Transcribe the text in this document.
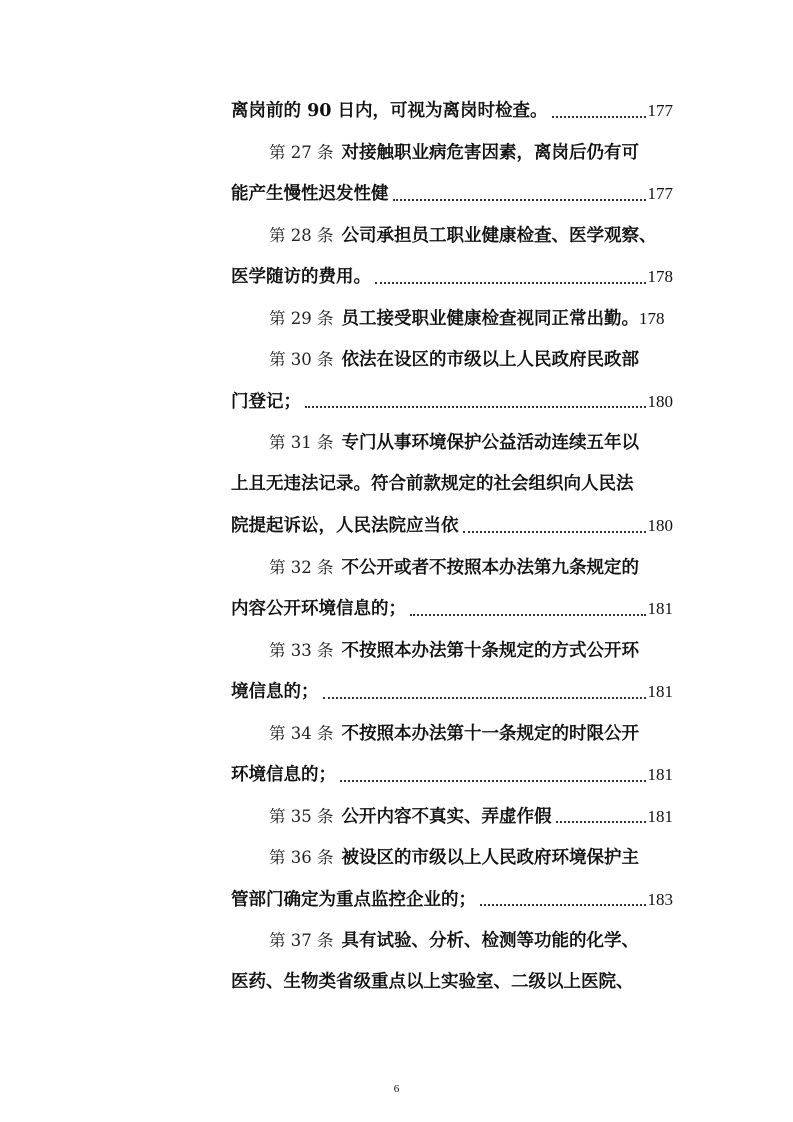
离岗前的 90 日内，可视为离岗时检查。	177
第 27 条 对接触职业病危害因素，离岗后仍有可
能产生慢性迟发性健	177
第 28 条 公司承担员工职业健康检查、医学观察、
医学随访的费用。	178
第 29 条 员工接受职业健康检查视同正常出勤。 178
第 30 条 依法在设区的市级以上人民政府民政部
门登记；	180
第 31 条 专门从事环境保护公益活动连续五年以
上且无违法记录。符合前款规定的社会组织向人民法
院提起诉讼，人民法院应当依	180
第 32 条 不公开或者不按照本办法第九条规定的
内容公开环境信息的；	181
第 33 条 不按照本办法第十条规定的方式公开环
境信息的；	181
第 34 条 不按照本办法第十一条规定的时限公开
环境信息的；	181
第 35 条 公开内容不真实、弄虚作假	181
第 36 条 被设区的市级以上人民政府环境保护主
管部门确定为重点监控企业的；	183
第 37 条 具有试验、分析、检测等功能的化学、
医药、生物类省级重点以上实验室、二级以上医院、
6
